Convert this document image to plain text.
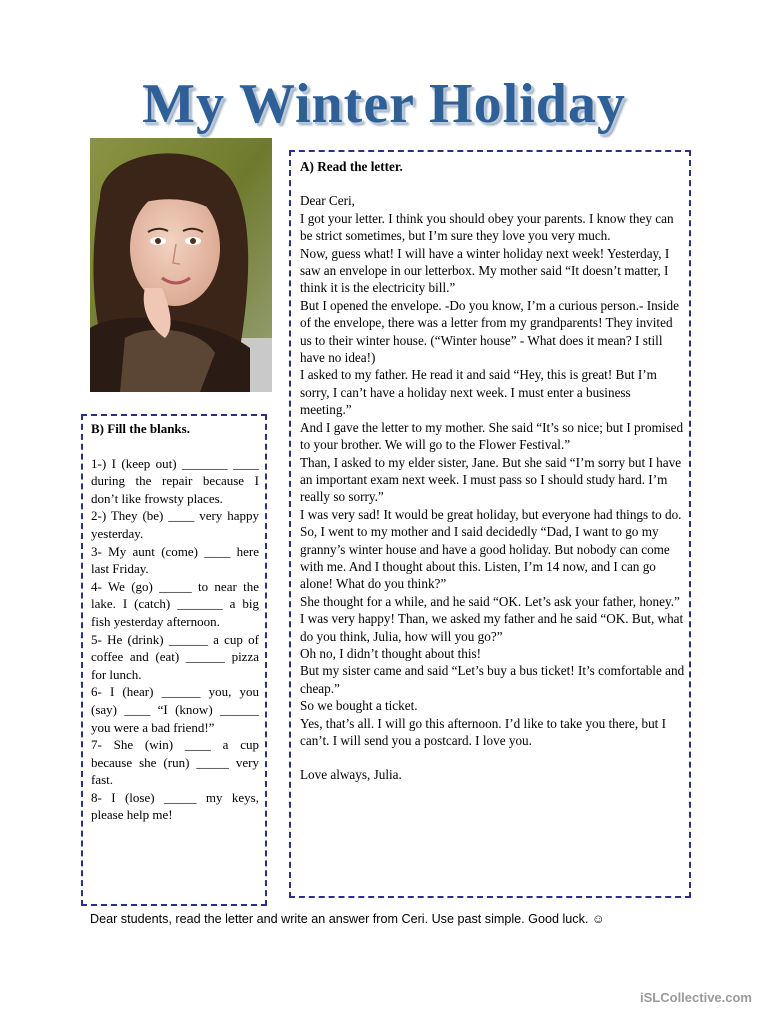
My Winter Holiday
A) Read the letter.

Dear Ceri,

I got your letter. I think you should obey your parents. I know they can be strict sometimes, but I’m sure they love you very much.

Now, guess what! I will have a winter holiday next week! Yesterday, I saw an envelope in our letterbox. My mother said “It doesn’t matter, I think it is the electricity bill.”

But I opened the envelope. -Do you know, I’m a curious person.- Inside of the envelope, there was a letter from my grandparents! They invited us to their winter house. (“Winter house” - What does it mean? I still have no idea!)

I asked to my father. He read it and said “Hey, this is great! But I’m sorry, I can’t have a holiday next week. I must enter a business meeting.”

And I gave the letter to my mother. She said “It’s so nice; but I promised to your brother. We will go to the Flower Festival.”

Than, I asked to my elder sister, Jane. But she said “I’m sorry but I have an important exam next week. I must pass so I should study hard. I’m really so sorry.”

I was very sad! It would be great holiday, but everyone had things to do.

So, I went to my mother and I said decidedly “Dad, I want to go my granny’s winter house and have a good holiday. But nobody can come with me. And I thought about this. Listen, I’m 14 now, and I can go alone! What do you think?”

She thought for a while, and he said “OK. Let’s ask your father, honey.”

I was very happy! Than, we asked my father and he said “OK. But, what do you think, Julia, how will you go?”

Oh no, I didn’t thought about this!

But my sister came and said “Let’s buy a bus ticket! It’s comfortable and cheap.”

So we bought a ticket.

Yes, that’s all. I will go this afternoon. I’d like to take you there, but I can’t. I will send you a postcard. I love you.

Love always, Julia.

B) Fill the blanks.

1-) I (keep out) _______ ____ during the repair because I don’t like frowsty places.

2-) They (be) ____ very happy yesterday.

3- My aunt (come) ____ here last Friday.

4- We (go) _____ to near the lake. I (catch) _______ a big fish yesterday afternoon.

5- He (drink) ______ a cup of coffee and (eat) ______ pizza for lunch.

6- I (hear) ______ you, you (say) ____ “I (know) ______ you were a bad friend!”

7- She (win) ____ a cup because she (run) _____ very fast.

8- I (lose) _____ my keys, please help me!

Dear students, read the letter and write an answer from Ceri. Use past simple. Good luck. ☺
iSLCollective.com
